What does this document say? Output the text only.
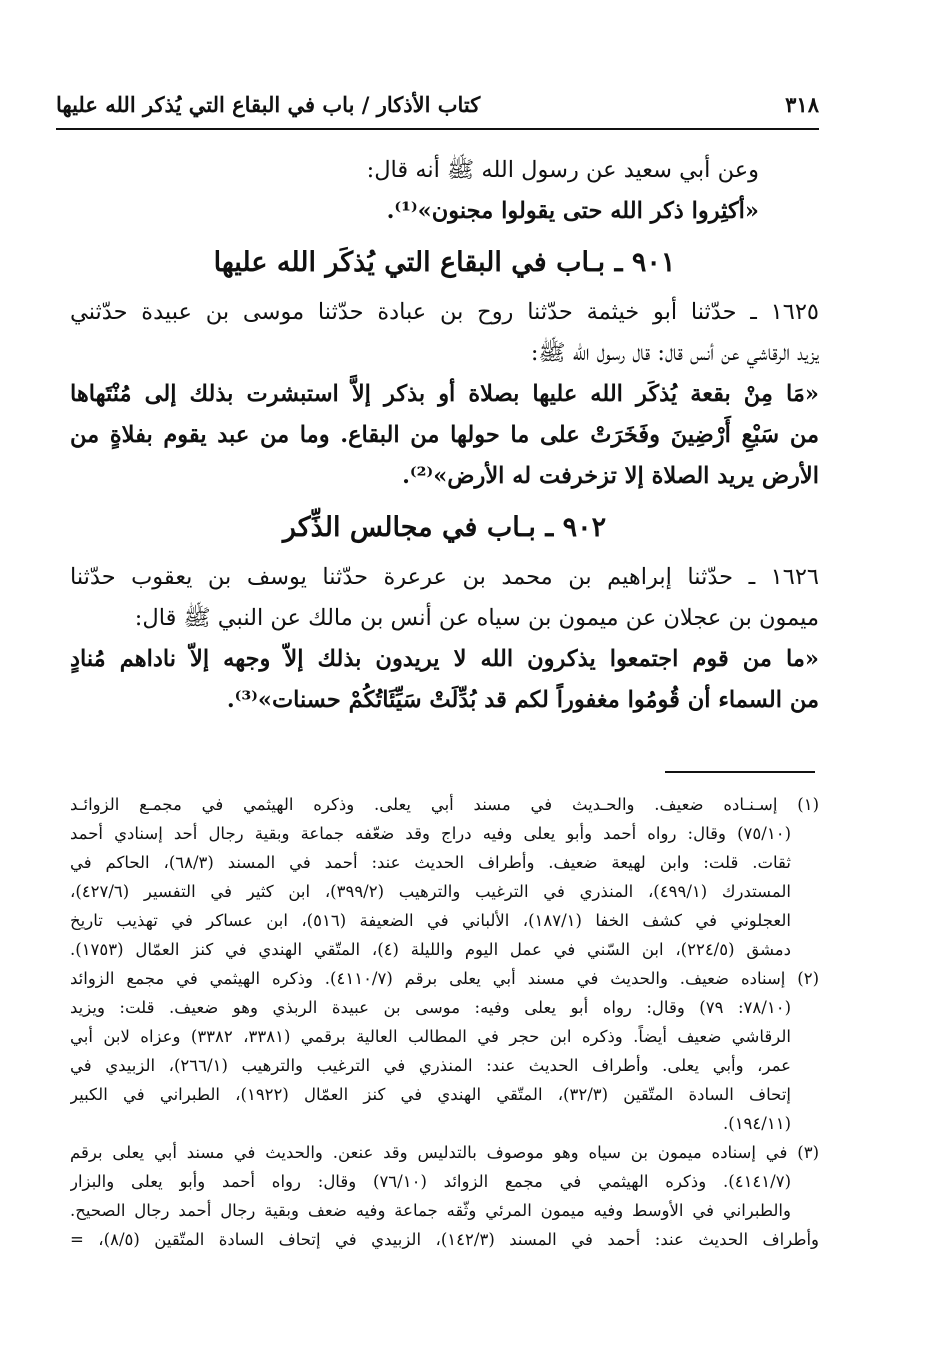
٣١٨
كتاب الأذكار / باب في البقاع التي يُذكر الله عليها
وعن أبي سعيد عن رسول الله ﷺ أنه قال:
«أكثِروا ذكر الله حتى يقولوا مجنون»⁽¹⁾.
٩٠١ ـ بـاب في البقاع التي يُذكَر الله عليها
١٦٢٥ ـ حدّثنا أبو خيثمة حدّثنا روح بن عبادة حدّثنا موسى بن عبيدة حدّثني
يزيد الرقاشي عن أنس قال: قال رسول الله ﷺ:
«مَا مِنْ بقعة يُذكَر الله عليها بصلاة أو بذكر إلاَّ استبشرت بذلك إلى مُنْتَهاها
من سَبْعِ أَرْضِينَ وفَخَرَتْ على ما حولها من البقاع. وما من عبد يقوم بفلاةٍ من
الأرض يريد الصلاة إلا تزخرفت له الأرض»⁽²⁾.
٩٠٢ ـ بـاب في مجالس الذِّكر
١٦٢٦ ـ حدّثنا إبراهيم بن محمد بن عرعرة حدّثنا يوسف بن يعقوب حدّثنا
ميمون بن عجلان عن ميمون بن سياه عن أنس بن مالك عن النبي ﷺ قال:
«ما من قوم اجتمعوا يذكرون الله لا يريدون بذلك إلاّ وجهه إلاّ ناداهم مُنادٍ
من السماء أن قُومُوا مغفوراً لكم قد بُدِّلَتْ سَيِّئَاتُكُمْ حسنات»⁽³⁾.
(١) إسـنـاده ضعيف. والحـديث في مسند أبي يعلى. وذكره الهيثمي في مجمـع الزوائـد
(٧٥/١٠) وقال: رواه أحمد وأبو يعلى وفيه دراج وقد ضعّفه جماعة وبقية رجال أحد إسنادي أحمد
ثقات. قلت: وابن لهيعة ضعيف. وأطراف الحديث عند: أحمد في المسند (٦٨/٣)، الحاكم في
المستدرك (٤٩٩/١)، المنذري في الترغيب والترهيب (٣٩٩/٢)، ابن كثير في التفسير (٤٢٧/٦)،
العجلوني في كشف الخفا (١٨٧/١)، الألباني في الضعيفة (٥١٦)، ابن عساكر في تهذيب تاريخ
دمشق (٢٢٤/٥)، ابن السّني في عمل اليوم والليلة (٤)، المتّقي الهندي في كنز العمّال (١٧٥٣).
(٢) إسناده ضعيف. والحديث في مسند أبي يعلى برقم (٤١١٠/٧). وذكره الهيثمي في مجمع الزوائد
(٧٨/١٠: ٧٩) وقال: رواه أبو يعلى وفيه: موسى بن عبيدة الربذي وهو ضعيف. قلت: ويزيد
الرقاشي ضعيف أيضاً. وذكره ابن حجر في المطالب العالية برقمي (٣٣٨١، ٣٣٨٢) وعزاه لابن أبي
عمر، وأبي يعلى. وأطراف الحديث عند: المنذري في الترغيب والترهيب (٢٦٦/١)، الزبيدي في
إتحاف السادة المتّقين (٣٢/٣)، المتّقي الهندي في كنز العمّال (١٩٢٢)، الطبراني في الكبير
(١٩٤/١١).
(٣) في إسناده ميمون بن سياه وهو موصوف بالتدليس وقد عنعن. والحديث في مسند أبي يعلى برقم
(٤١٤١/٧). وذكره الهيثمي في مجمع الزوائد (٧٦/١٠) وقال: رواه أحمد وأبو يعلى والبزار
والطبراني في الأوسط وفيه ميمون المرئي وثّقه جماعة وفيه ضعف وبقية رجال أحمد رجال الصحيح.
وأطراف الحديث عند: أحمد في المسند (١٤٢/٣)، الزبيدي في إتحاف السادة المتّقين (٨/٥)، =
